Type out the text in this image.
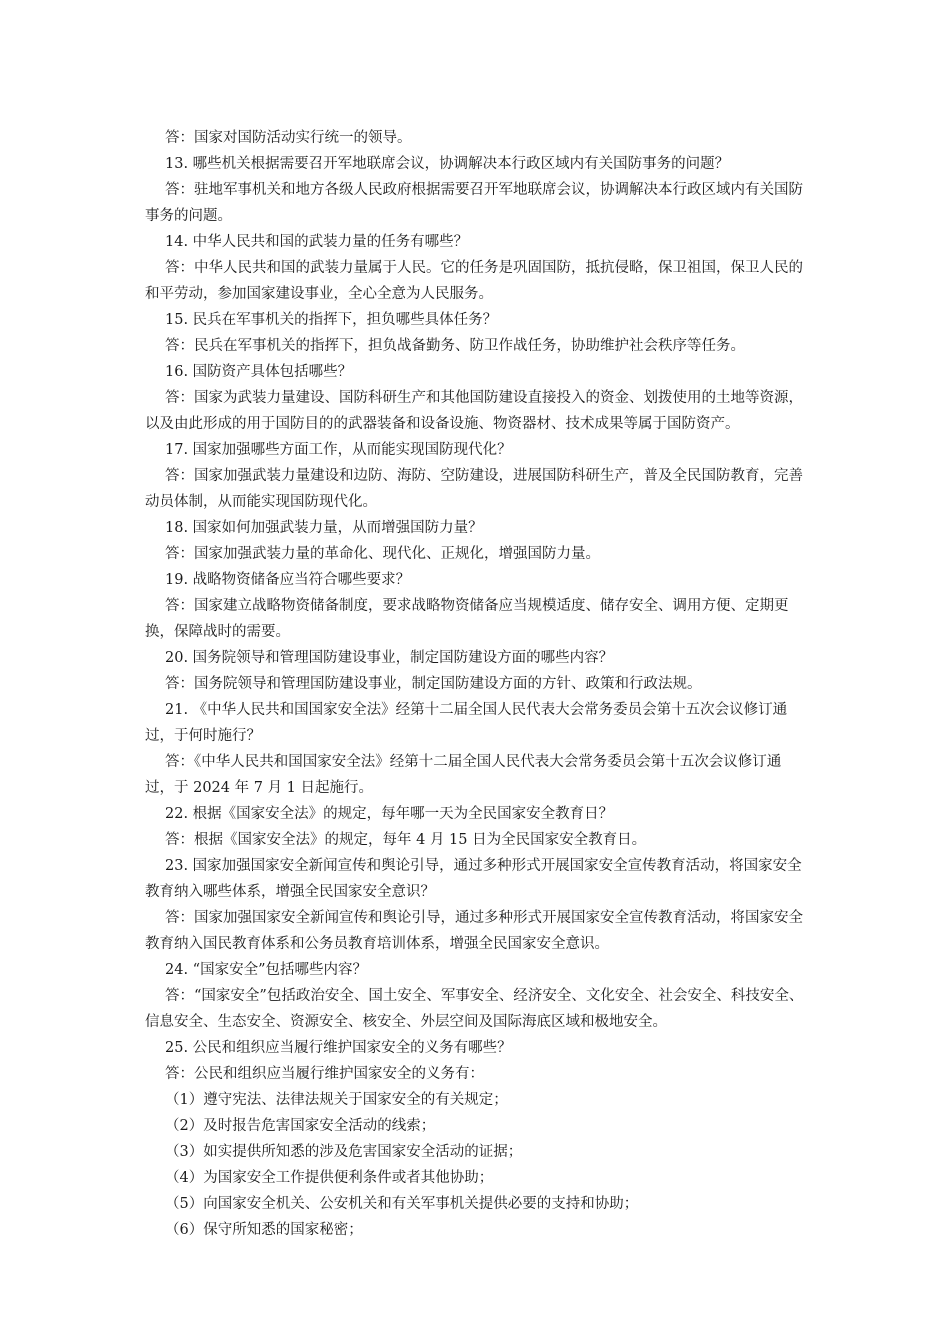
答：国家对国防活动实行统一的领导。

13. 哪些机关根据需要召开军地联席会议，协调解决本行政区域内有关国防事务的问题？

答：驻地军事机关和地方各级人民政府根据需要召开军地联席会议，协调解决本行政区域内有关国防事务的问题。

14. 中华人民共和国的武装力量的任务有哪些？

答：中华人民共和国的武装力量属于人民。它的任务是巩固国防，抵抗侵略，保卫祖国，保卫人民的和平劳动，参加国家建设事业，全心全意为人民服务。

15. 民兵在军事机关的指挥下，担负哪些具体任务？

答：民兵在军事机关的指挥下，担负战备勤务、防卫作战任务，协助维护社会秩序等任务。

16. 国防资产具体包括哪些？

答：国家为武装力量建设、国防科研生产和其他国防建设直接投入的资金、划拨使用的土地等资源，以及由此形成的用于国防目的的武器装备和设备设施、物资器材、技术成果等属于国防资产。

17. 国家加强哪些方面工作，从而能实现国防现代化？

答：国家加强武装力量建设和边防、海防、空防建设，进展国防科研生产，普及全民国防教育，完善动员体制，从而能实现国防现代化。

18. 国家如何加强武装力量，从而增强国防力量？

答：国家加强武装力量的革命化、现代化、正规化，增强国防力量。

19. 战略物资储备应当符合哪些要求？

答：国家建立战略物资储备制度，要求战略物资储备应当规模适度、储存安全、调用方便、定期更换，保障战时的需要。

20. 国务院领导和管理国防建设事业，制定国防建设方面的哪些内容？

答：国务院领导和管理国防建设事业，制定国防建设方面的方针、政策和行政法规。

21. 《中华人民共和国国家安全法》经第十二届全国人民代表大会常务委员会第十五次会议修订通过，于何时施行？

答：《中华人民共和国国家安全法》经第十二届全国人民代表大会常务委员会第十五次会议修订通过，于 2024 年 7 月 1 日起施行。

22. 根据《国家安全法》的规定，每年哪一天为全民国家安全教育日？

答：根据《国家安全法》的规定，每年 4 月 15 日为全民国家安全教育日。

23. 国家加强国家安全新闻宣传和舆论引导，通过多种形式开展国家安全宣传教育活动，将国家安全教育纳入哪些体系，增强全民国家安全意识？

答：国家加强国家安全新闻宣传和舆论引导，通过多种形式开展国家安全宣传教育活动，将国家安全教育纳入国民教育体系和公务员教育培训体系，增强全民国家安全意识。

24. “国家安全”包括哪些内容？

答：“国家安全”包括政治安全、国土安全、军事安全、经济安全、文化安全、社会安全、科技安全、信息安全、生态安全、资源安全、核安全、外层空间及国际海底区域和极地安全。

25. 公民和组织应当履行维护国家安全的义务有哪些？

答：公民和组织应当履行维护国家安全的义务有：

（1）遵守宪法、法律法规关于国家安全的有关规定；

（2）及时报告危害国家安全活动的线索；

（3）如实提供所知悉的涉及危害国家安全活动的证据；

（4）为国家安全工作提供便利条件或者其他协助；

（5）向国家安全机关、公安机关和有关军事机关提供必要的支持和协助；

（6）保守所知悉的国家秘密；
